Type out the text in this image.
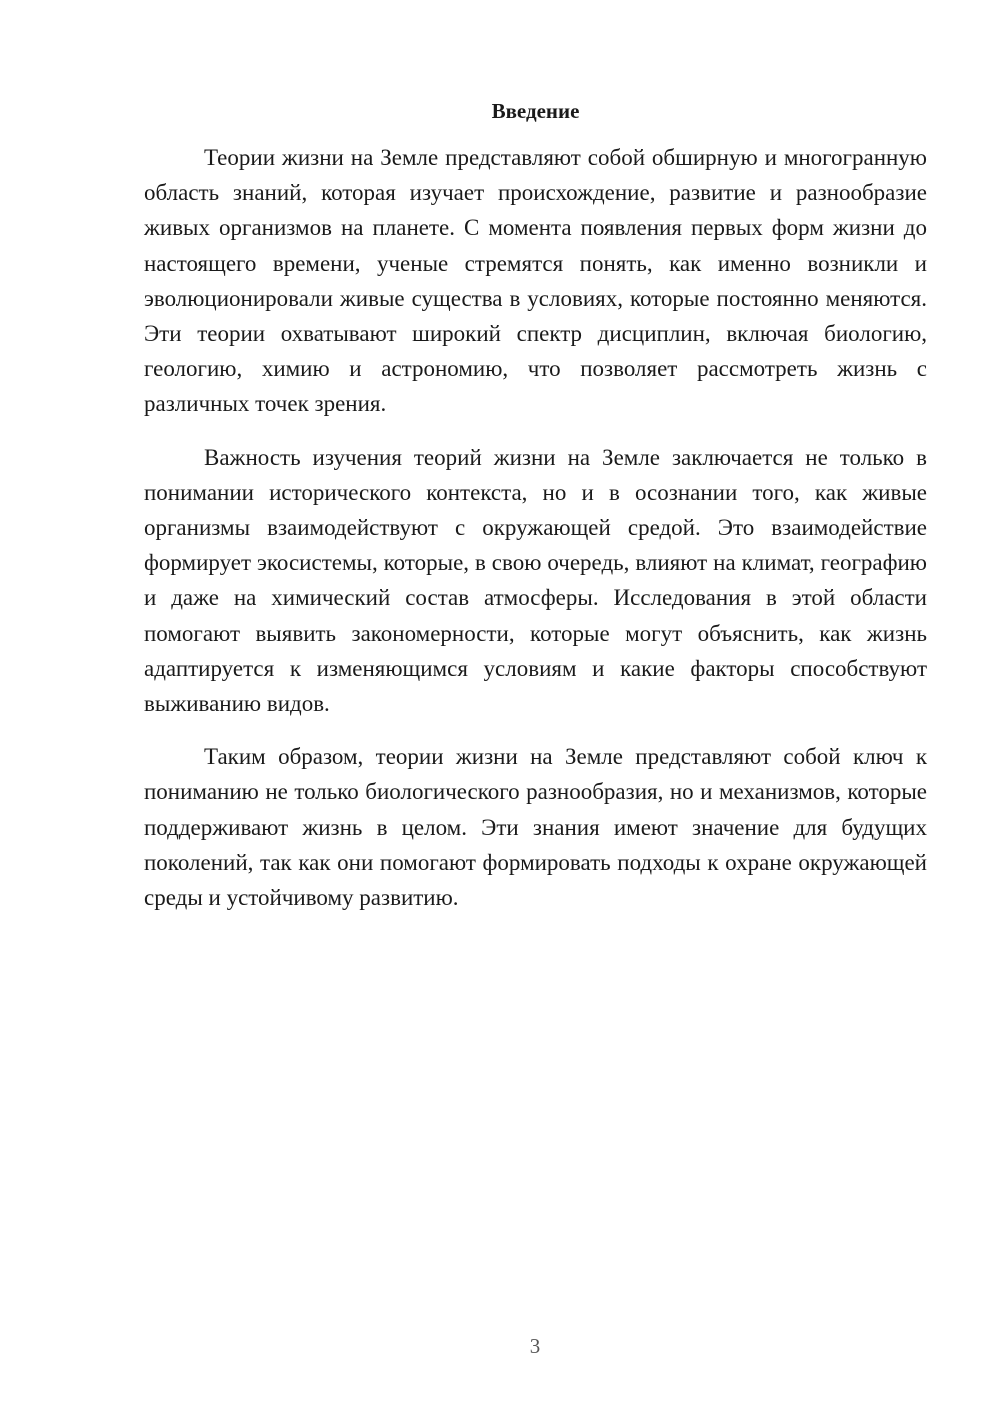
Введение

Теории жизни на Земле представляют собой обширную и многогранную область знаний, которая изучает происхождение, развитие и разнообразие живых организмов на планете. С момента появления первых форм жизни до настоящего времени, ученые стремятся понять, как именно возникли и эволюционировали живые существа в условиях, которые постоянно меняются. Эти теории охватывают широкий спектр дисциплин, включая биологию, геологию, химию и астрономию, что позволяет рассмотреть жизнь с различных точек зрения.

Важность изучения теорий жизни на Земле заключается не только в понимании исторического контекста, но и в осознании того, как живые организмы взаимодействуют с окружающей средой. Это взаимодействие формирует экосистемы, которые, в свою очередь, влияют на климат, географию и даже на химический состав атмосферы. Исследования в этой области помогают выявить закономерности, которые могут объяснить, как жизнь адаптируется к изменяющимся условиям и какие факторы способствуют выживанию видов.

Таким образом, теории жизни на Земле представляют собой ключ к пониманию не только биологического разнообразия, но и механизмов, которые поддерживают жизнь в целом. Эти знания имеют значение для будущих поколений, так как они помогают формировать подходы к охране окружающей среды и устойчивому развитию.

3
